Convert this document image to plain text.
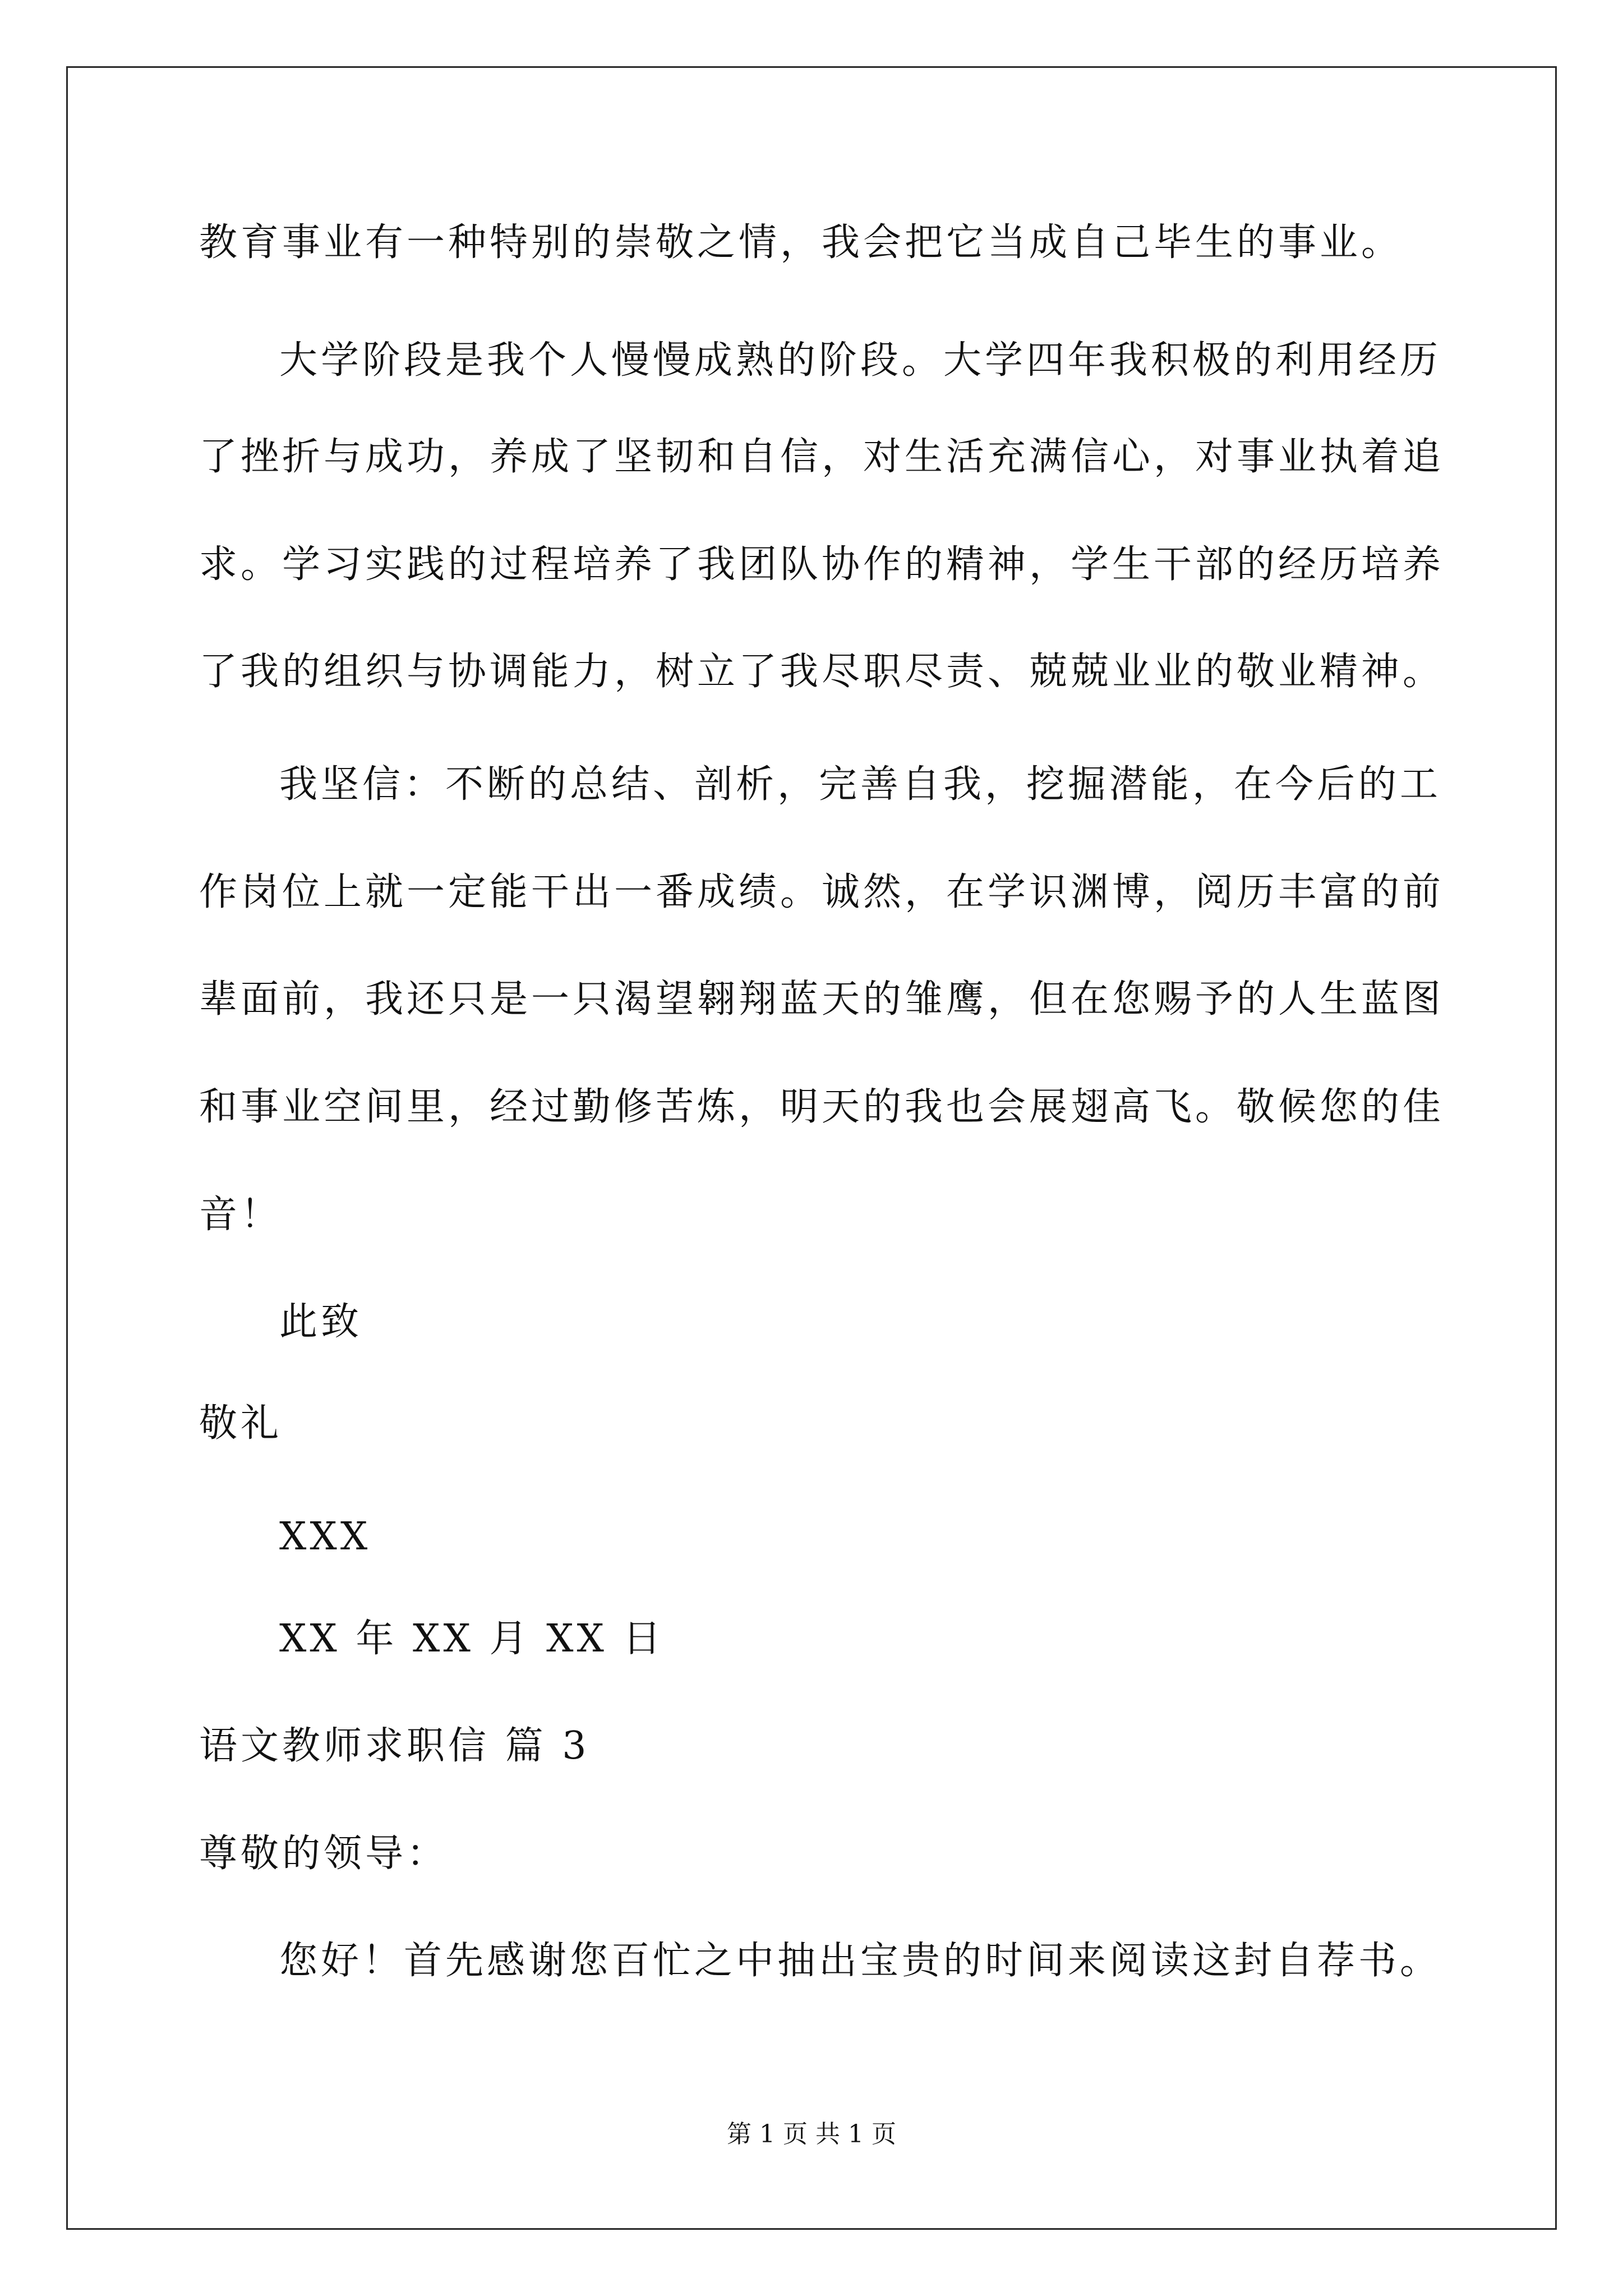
教育事业有一种特别的崇敬之情，我会把它当成自己毕生的事业。
大学阶段是我个人慢慢成熟的阶段。大学四年我积极的利用经历
了挫折与成功，养成了坚韧和自信，对生活充满信心，对事业执着追
求。学习实践的过程培养了我团队协作的精神，学生干部的经历培养
了我的组织与协调能力，树立了我尽职尽责、兢兢业业的敬业精神。
我坚信：不断的总结、剖析，完善自我，挖掘潜能，在今后的工
作岗位上就一定能干出一番成绩。诚然，在学识渊博，阅历丰富的前
辈面前，我还只是一只渴望翱翔蓝天的雏鹰，但在您赐予的人生蓝图
和事业空间里，经过勤修苦炼，明天的我也会展翅高飞。敬候您的佳
音！
此致
敬礼
XXX
XX 年 XX 月 XX 日
语文教师求职信 篇 3
尊敬的领导：
您好！首先感谢您百忙之中抽出宝贵的时间来阅读这封自荐书。
第 1 页 共 1 页
